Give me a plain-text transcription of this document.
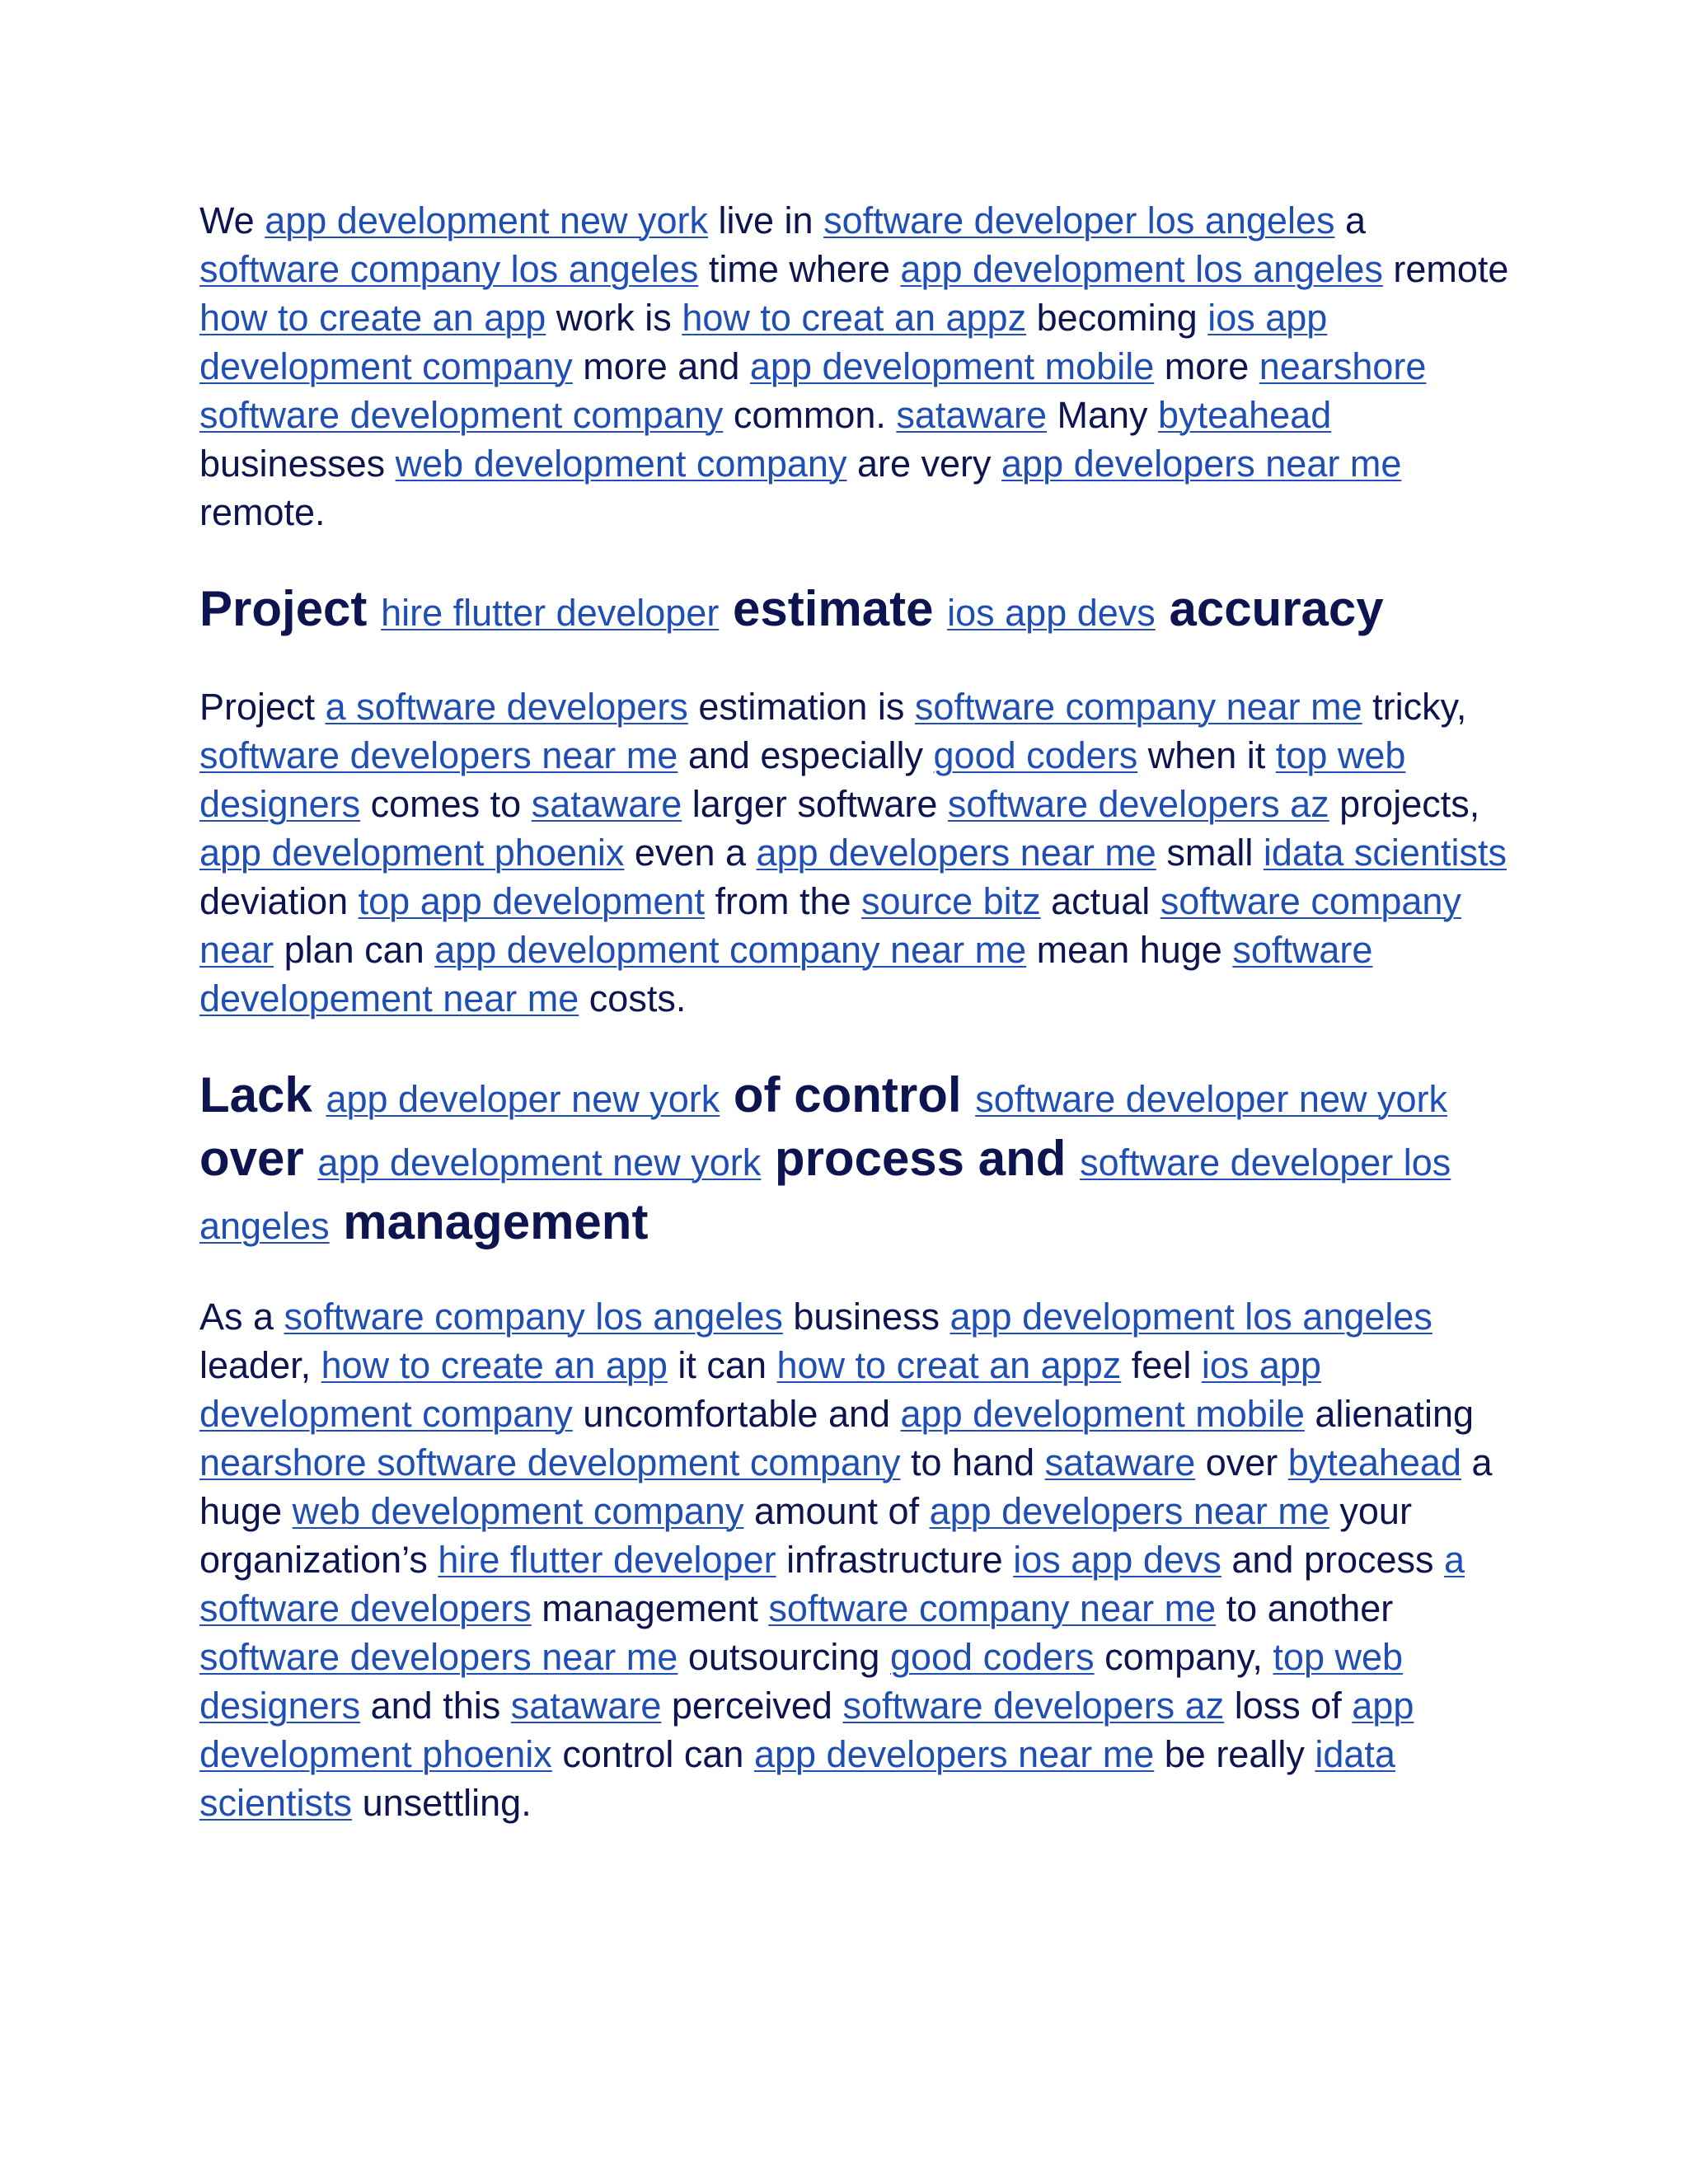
We app development new york live in software developer los angeles a software company los angeles time where app development los angeles remote how to create an app work is how to creat an appz becoming ios app development company more and app development mobile more nearshore software development company common. sataware Many byteahead businesses web development company are very app developers near me remote.

Project hire flutter developer estimate ios app devs accuracy

Project a software developers estimation is software company near me tricky, software developers near me and especially good coders when it top web designers comes to sataware larger software software developers az projects, app development phoenix even a app developers near me small idata scientists deviation top app development from the source bitz actual software company near plan can app development company near me mean huge software developement near me costs.

Lack app developer new york of control software developer new york over app development new york process and software developer los angeles management

As a software company los angeles business app development los angeles leader, how to create an app it can how to creat an appz feel ios app development company uncomfortable and app development mobile alienating nearshore software development company to hand sataware over byteahead a huge web development company amount of app developers near me your organization’s hire flutter developer infrastructure ios app devs and process a software developers management software company near me to another software developers near me outsourcing good coders company, top web designers and this sataware perceived software developers az loss of app development phoenix control can app developers near me be really idata scientists unsettling.
